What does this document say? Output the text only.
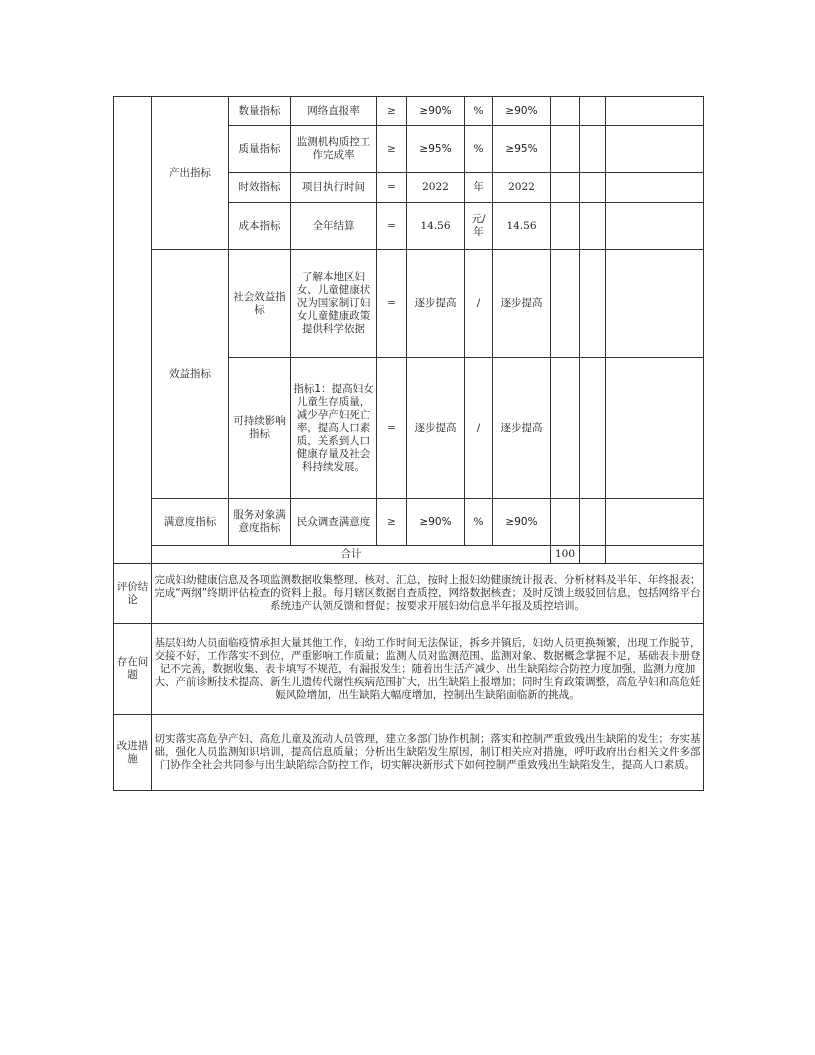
	产出指标	数量指标	网络直报率	≥	≥90%	%	≥90%			
		质量指标	监测机构质控工作完成率	≥	≥95%	%	≥95%			
		时效指标	项目执行时间	=	2022	年	2022			
		成本指标	全年结算	=	14.56	元/年	14.56			
	效益指标	社会效益指标	了解本地区妇女、儿童健康状况为国家制订妇女儿童健康政策提供科学依据	=	逐步提高	/	逐步提高			
		可持续影响指标	指标1：提高妇女儿童生存质量，减少孕产妇死亡率，提高人口素质，关系到人口健康存量及社会科持续发展。	=	逐步提高	/	逐步提高			
	满意度指标	服务对象满意度指标	民众调查满意度	≥	≥90%	%	≥90%			
	合计							100		
评价结论	完成妇幼健康信息及各项监测数据收集整理、核对、汇总，按时上报妇幼健康统计报表、分析材料及半年、年终报表；完成“两纲”终期评估检查的资料上报。每月辖区数据自查质控，网络数据核查；及时反馈上级驳回信息，包括网络平台系统违产认领反馈和督促；按要求开展妇幼信息半年报及质控培训。									
存在问题	基层妇幼人员面临疫情承担大量其他工作，妇幼工作时间无法保证，拆乡并镇后，妇幼人员更换频繁，出现工作脱节，交接不好，工作落实不到位，严重影响工作质量；监测人员对监测范围、监测对象、数据概念掌握不足，基础表卡册登记不完善，数据收集、表卡填写不规范，有漏报发生；随着出生活产减少、出生缺陷综合防控力度加强，监测力度加大、产前诊断技术提高、新生儿遗传代谢性疾病范围扩大，出生缺陷上报增加；同时生育政策调整，高危孕妇和高危妊娠风险增加，出生缺陷大幅度增加，控制出生缺陷面临新的挑战。									
改进措施	切实落实高危孕产妇、高危儿童及流动人员管理，建立多部门协作机制；落实和控制严重致残出生缺陷的发生；夯实基础，强化人员监测知识培训，提高信息质量；分析出生缺陷发生原因，制订相关应对措施，呼吁政府出台相关文件多部门协作全社会共同参与出生缺陷综合防控工作，切实解决新形式下如何控制严重致残出生缺陷发生，提高人口素质。									
